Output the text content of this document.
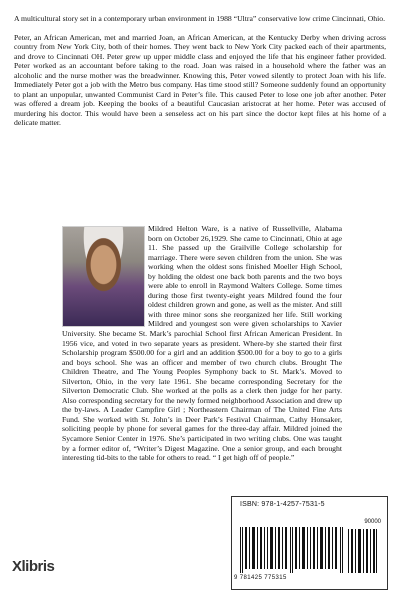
A multicultural story set in a contemporary urban environment in 1988 “Ultra” conservative low crime Cincinnati, Ohio.

Peter, an African American, met and married Joan, an African American, at the Kentucky Derby when driving across country from New York City, both of their homes. They went back to New York City packed each of their apartments, and drove to Cincinnati OH. Peter grew up upper middle class and enjoyed the life that his engineer father provided. Peter worked as an accountant before taking to the road. Joan was raised in a household where the father was an alcoholic and the nurse mother was the breadwinner. Knowing this, Peter vowed silently to protect Joan with his life. Immediately Peter got a job with the Metro bus company. Has time stood still? Someone suddenly found an opportunity to plant an unpopular, unwanted Communist Card in Peter’s file. This caused Peter to lose one job after another. Peter was offered a dream job. Keeping the books of a beautiful Caucasian aristocrat at her home. Peter was accused of murdering his doctor. This would have been a senseless act on his part since the doctor kept files at his home of a delicate matter.

Mildred Helton Ware, is a native of Russellville, Alabama born on October 26,1929. She came to Cincinnati, Ohio at age 11. She passed up the Grailville College scholarship for marriage. There were seven children from the union. She was working when the oldest sons finished Moeller High School, by holding the oldest one back both parents and the two boys were able to enroll in Raymond Walters College. Some times during those first twenty-eight years Mildred found the four oldest children grown and gone, as well as the mister. And still with three minor sons she reorganized her life. Still working Mildred and youngest son were given scholarships to Xavier University. She became St. Mark’s parochial School first African American President. In 1956 vice, and voted in two separate years as president. Where-by she started their first Scholarship program $500.00 for a girl and an addition $500.00 for a boy to go to a girls and boys school. She was an officer and member of two church clubs. Brought The Children Theatre, and The Young Peoples Symphony back to St. Mark’s. Moved to Silverton, Ohio, in the very late 1961. She became corresponding Secretary for the Silverton Democratic Club. She worked at the polls as a clerk then judge for her party. Also corresponding secretary for the newly formed neighborhood Association and drew up the by-laws. A Leader Campfire Girl ; Northeastern Chairman of The United Fine Arts Fund. She worked with St. John’s in Deer Park’s Festival Chairman, Cathy Honsaker, soliciting people by phone for several games for the three-day affair. Mildred joined the Sycamore Senior Center in 1976. She’s participated in two writing clubs. One was taught by a former editor of, “Writer’s Digest Magazine. One a senior group, and each brought interesting tid-bits to the table for others to read. “ I get high off of people.”
ISBN: 978-1-4257-7531-5
90000
9 781425 775315
Xlibris
